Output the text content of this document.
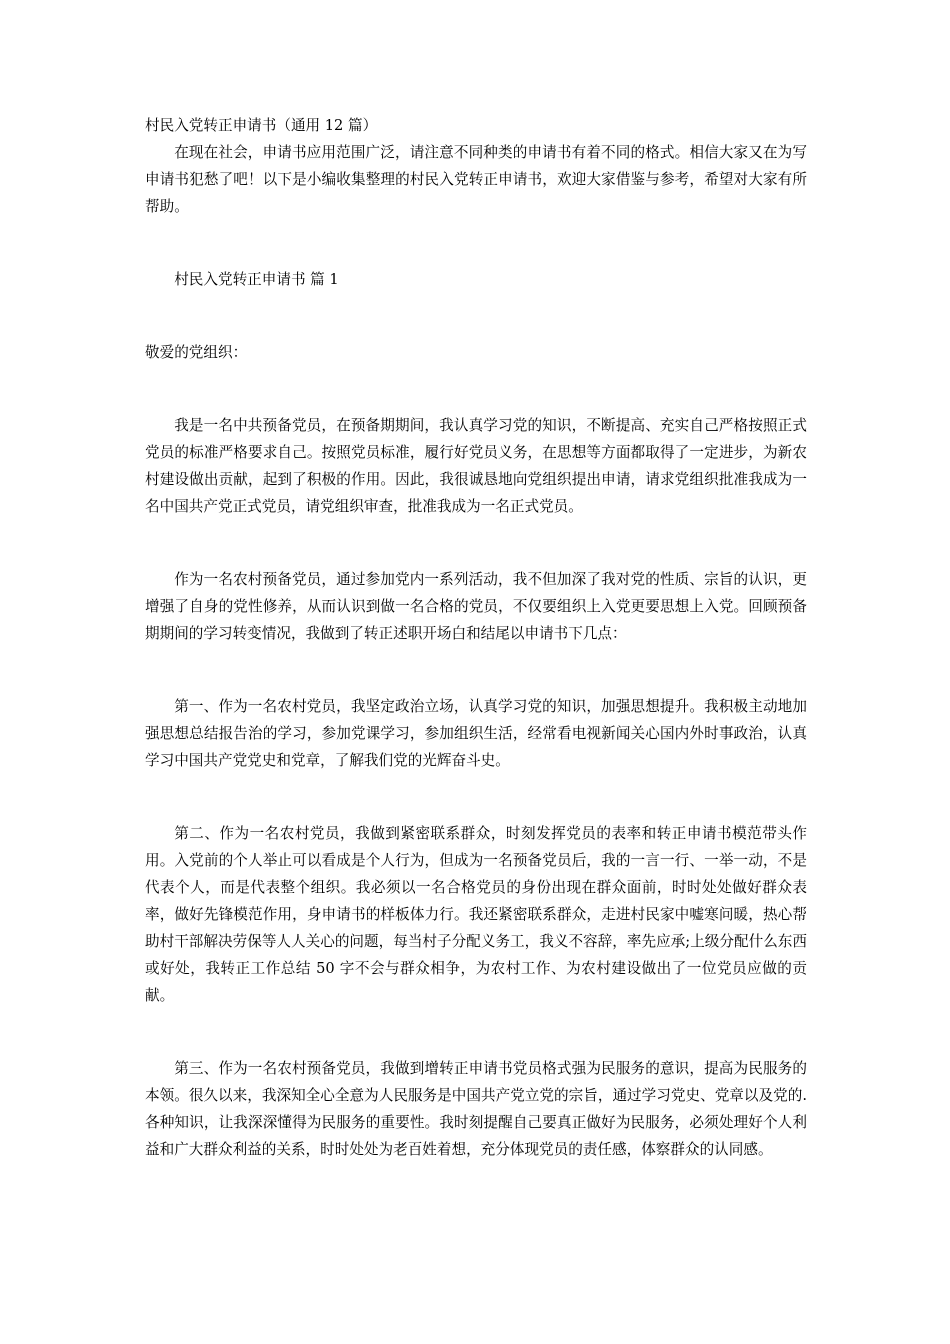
村民入党转正申请书（通用 12 篇）

在现在社会，申请书应用范围广泛，请注意不同种类的申请书有着不同的格式。相信大家又在为写申请书犯愁了吧！以下是小编收集整理的村民入党转正申请书，欢迎大家借鉴与参考，希望对大家有所帮助。

村民入党转正申请书 篇 1

敬爱的党组织：

我是一名中共预备党员，在预备期期间，我认真学习党的知识，不断提高、充实自己严格按照正式党员的标准严格要求自己。按照党员标准，履行好党员义务，在思想等方面都取得了一定进步，为新农村建设做出贡献，起到了积极的作用。因此，我很诚恳地向党组织提出申请，请求党组织批准我成为一名中国共产党正式党员，请党组织审查，批准我成为一名正式党员。

作为一名农村预备党员，通过参加党内一系列活动，我不但加深了我对党的性质、宗旨的认识，更增强了自身的党性修养，从而认识到做一名合格的党员，不仅要组织上入党更要思想上入党。回顾预备期期间的学习转变情况，我做到了转正述职开场白和结尾以申请书下几点：

第一、作为一名农村党员，我坚定政治立场，认真学习党的知识，加强思想提升。我积极主动地加强思想总结报告治的学习，参加党课学习，参加组织生活，经常看电视新闻关心国内外时事政治，认真学习中国共产党党史和党章，了解我们党的光辉奋斗史。

第二、作为一名农村党员，我做到紧密联系群众，时刻发挥党员的表率和转正申请书模范带头作用。入党前的个人举止可以看成是个人行为，但成为一名预备党员后，我的一言一行、一举一动，不是代表个人，而是代表整个组织。我必须以一名合格党员的身份出现在群众面前，时时处处做好群众表率，做好先锋模范作用，身申请书的样板体力行。我还紧密联系群众，走进村民家中嘘寒问暖，热心帮助村干部解决劳保等人人关心的问题，每当村子分配义务工，我义不容辞，率先应承;上级分配什么东西或好处，我转正工作总结 50 字不会与群众相争，为农村工作、为农村建设做出了一位党员应做的贡献。

第三、作为一名农村预备党员，我做到增转正申请书党员格式强为民服务的意识，提高为民服务的本领。很久以来，我深知全心全意为人民服务是中国共产党立党的宗旨，通过学习党史、党章以及党的.各种知识，让我深深懂得为民服务的重要性。我时刻提醒自己要真正做好为民服务，必须处理好个人利益和广大群众利益的关系，时时处处为老百姓着想，充分体现党员的责任感，体察群众的认同感。
